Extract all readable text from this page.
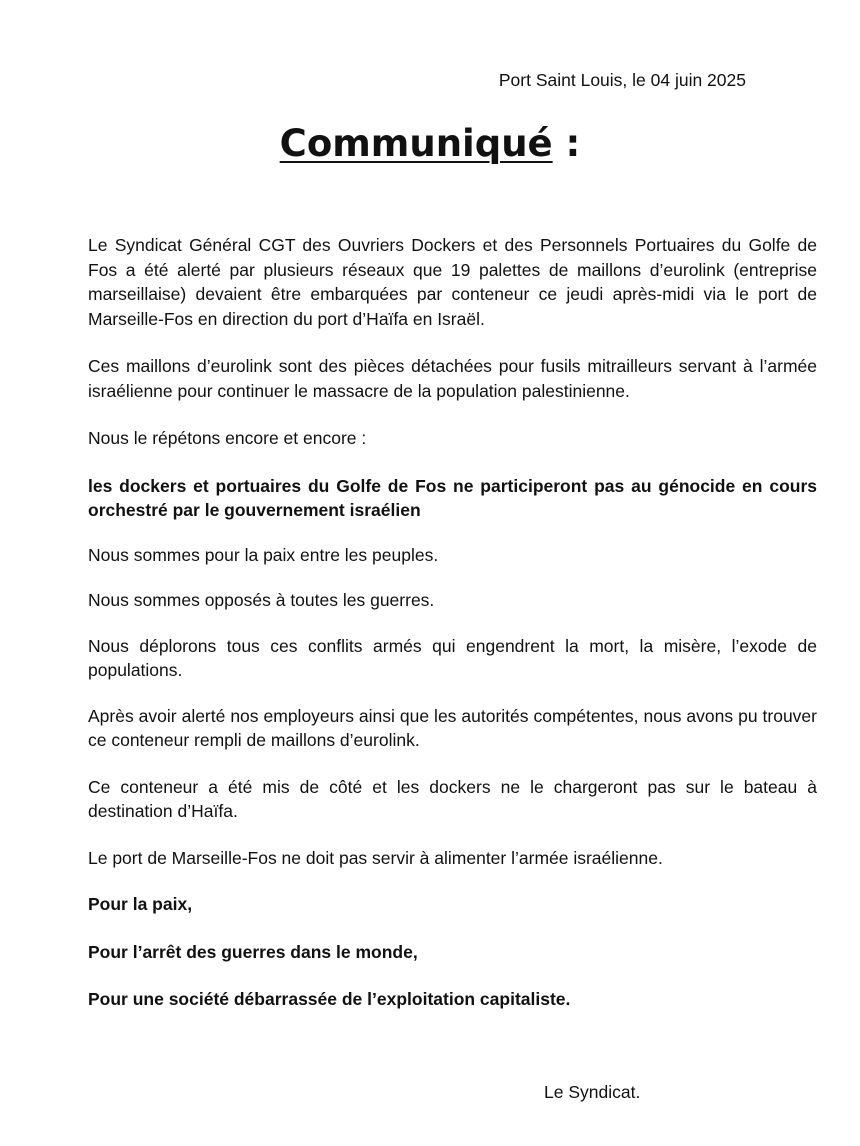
Port Saint Louis, le 04 juin 2025
Communiqué :

Le Syndicat Général CGT des Ouvriers Dockers et des Personnels Portuaires du Golfe de Fos a été alerté par plusieurs réseaux que 19 palettes de maillons d’eurolink (entreprise marseillaise) devaient être embarquées par conteneur ce jeudi après-midi via le port de Marseille-Fos en direction du port d’Haïfa en Israël.

Ces maillons d’eurolink sont des pièces détachées pour fusils mitrailleurs servant à l’armée israélienne pour continuer le massacre de la population palestinienne.

Nous le répétons encore et encore :

les dockers et portuaires du Golfe de Fos ne participeront pas au génocide en cours orchestré par le gouvernement israélien

Nous sommes pour la paix entre les peuples.

Nous sommes opposés à toutes les guerres.

Nous déplorons tous ces conflits armés qui engendrent la mort, la misère, l’exode de populations.

Après avoir alerté nos employeurs ainsi que les autorités compétentes, nous avons pu trouver ce conteneur rempli de maillons d’eurolink.

Ce conteneur a été mis de côté et les dockers ne le chargeront pas sur le bateau à destination d’Haïfa.

Le port de Marseille-Fos ne doit pas servir à alimenter l’armée israélienne.

Pour la paix,

Pour l’arrêt des guerres dans le monde,

Pour une société débarrassée de l’exploitation capitaliste.

Le Syndicat.
